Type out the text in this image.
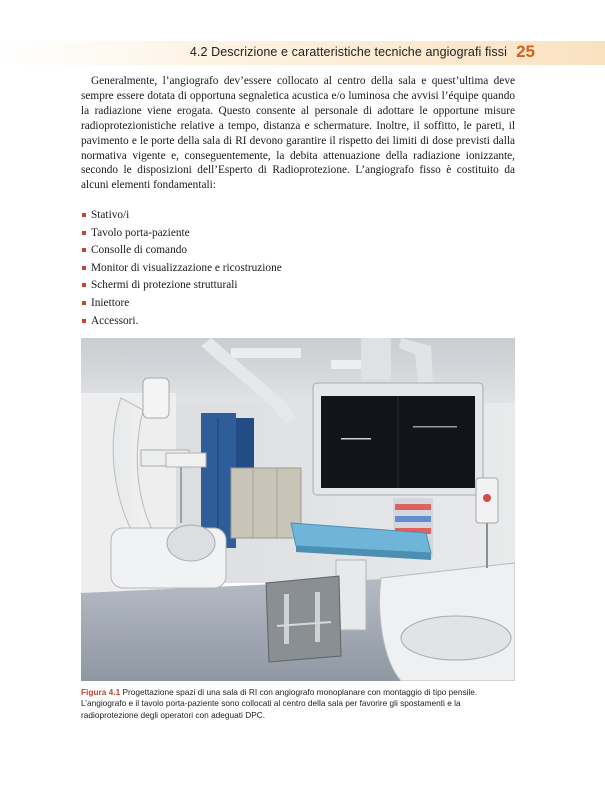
4.2 Descrizione e caratteristiche tecniche angiografi fissi 25

Generalmente, l’angiografo dev’essere collocato al centro della sala e quest’ultima deve sempre essere dotata di opportuna segnaletica acustica e/o luminosa che avvisi l’équipe quando la radiazione viene erogata. Questo consente al personale di adottare le opportune misure radioprotezionistiche relative a tempo, distanza e schermature. Inoltre, il soffitto, le pareti, il pavimento e le porte della sala di RI devono garantire il rispetto dei limiti di dose previsti dalla normativa vigente e, conseguentemente, la debita attenuazione della radiazione ionizzante, secondo le disposizioni dell’Esperto di Radioprotezione. L’angiografo fisso è costituito da alcuni elementi fondamentali:

Stativo/i
Tavolo porta-paziente
Consolle di comando
Monitor di visualizzazione e ricostruzione
Schermi di protezione strutturali
Iniettore
Accessori.

Figura 4.1 Progettazione spazi di una sala di RI con angiografo monoplanare con montaggio di tipo pensile. L’angiografo e il tavolo porta-paziente sono collocati al centro della sala per favorire gli spostamenti e la radioprotezione degli operatori con adeguati DPC.
